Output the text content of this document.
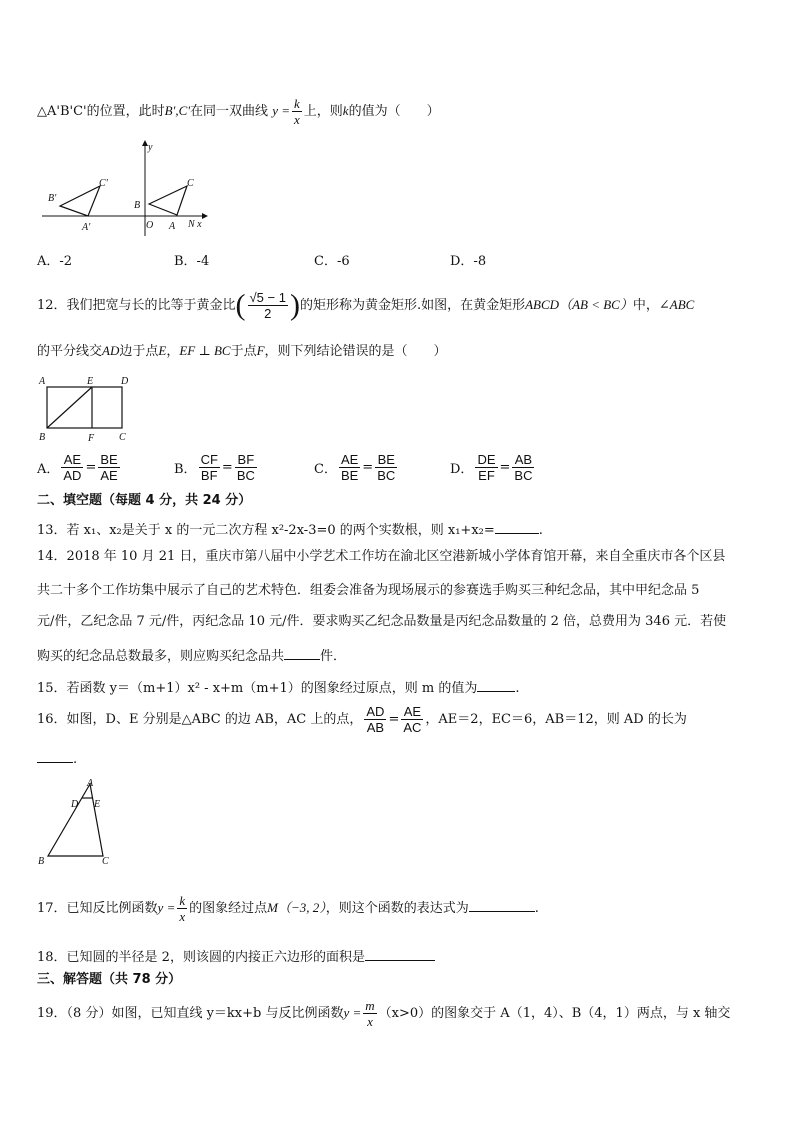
△A'B'C'的位置，此时B',C'在同一双曲线 $y = \frac{k}{x}$ 上，则k的值为（　　）
y
B'
C'
A'
B
C
O A N x
A．-2	B．-4	C．-6	D．-8
12．我们把宽与长的比等于黄金比( $\frac{√5 - 1}{2}$ )的矩形称为黄金矩形.如图，在黄金矩形ABCD（AB < BC）中，∠ABC
的平分线交AD边于点E，EF ⊥ BC于点F，则下列结论错误的是（　　）
A	E	D
B	F C
A． $\frac{AE}{AD} = \frac{BE}{AE}$	B． $\frac{CF}{BF} = \frac{BF}{BC}$	C． $\frac{AE}{BE} = \frac{BE}{BC}$	D． $\frac{DE}{EF} = \frac{AB}{BC}$
二、填空题（每题 4 分，共 24 分）
13．若 x₁、x₂是关于 x 的一元二次方程 x²-2x-3=0 的两个实数根，则 x₁+x₂=	.
14．2018 年 10 月 21 日，重庆市第八届中小学艺术工作坊在渝北区空港新城小学体育馆开幕，来自全重庆市各个区县
共二十多个工作坊集中展示了自己的艺术特色．组委会准备为现场展示的参赛选手购买三种纪念品，其中甲纪念品 5
元/件，乙纪念品 7 元/件，丙纪念品 10 元/件．要求购买乙纪念品数量是丙纪念品数量的 2 倍，总费用为 346 元．若使
购买的纪念品总数最多，则应购买纪念品共	件．
15．若函数 y＝（m+1）x² - x+m（m+1）的图象经过原点，则 m 的值为	.
16．如图，D、E 分别是△ABC 的边 AB，AC 上的点， $\frac{AD}{AB} = \frac{AE}{AC}$ ，AE＝2，EC＝6，AB＝12，则 AD 的长为
.
A
D E
B	C
17．已知反比例函数$y = \frac{k}{x}$ 的图象经过点M（−3, 2），则这个函数的表达式为	.
18．已知圆的半径是 2，则该圆的内接正六边形的面积是
三、解答题（共 78 分）
19．（8 分）如图，已知直线 y＝kx+b 与反比例函数$y = \frac{m}{x} (x>0)$的图象交于 A（1，4）、B（4，1）两点，与 x 轴交
